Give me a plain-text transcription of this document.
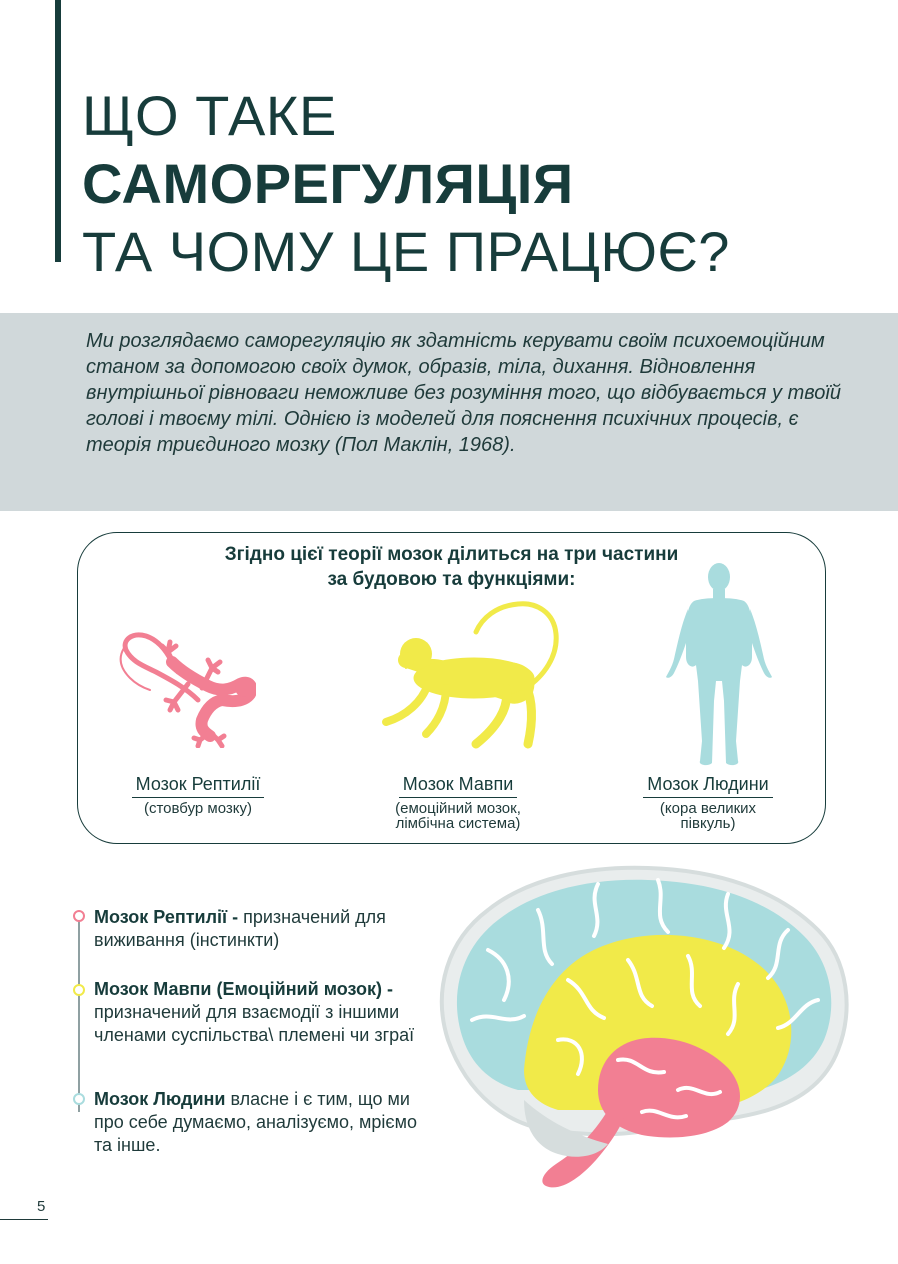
ЩО ТАКЕ
САМОРЕГУЛЯЦІЯ
ТА ЧОМУ ЦЕ ПРАЦЮЄ?

Ми розглядаємо саморегуляцію як здатність керувати своїм психоемоційним станом за допомогою своїх думок, образів, тіла, дихання. Відновлення внутрішньої рівноваги неможливе без розуміння того, що відбувається у твоїй голові і твоєму тілі. Однією із моделей для пояснення психічних процесів, є теорія триєдиного мозку (Пол Маклін, 1968).

Згідно цієї теорії мозок ділиться на три частини
за будовою та функціями:

Мозок Рептилії
(стовбур мозку)
Мозок Мавпи
(емоційний мозок,
лімбічна система)
Мозок Людини
(кора великих
півкуль)
Мозок Рептилії - призначений для виживання (інстинкти)
Мозок Мавпи (Емоційний мозок) - призначений для взаємодії з іншими членами суспільства\ племені чи зграї
Мозок Людини власне і є тим, що ми про себе думаємо, аналізуємо, мріємо та інше.
5
